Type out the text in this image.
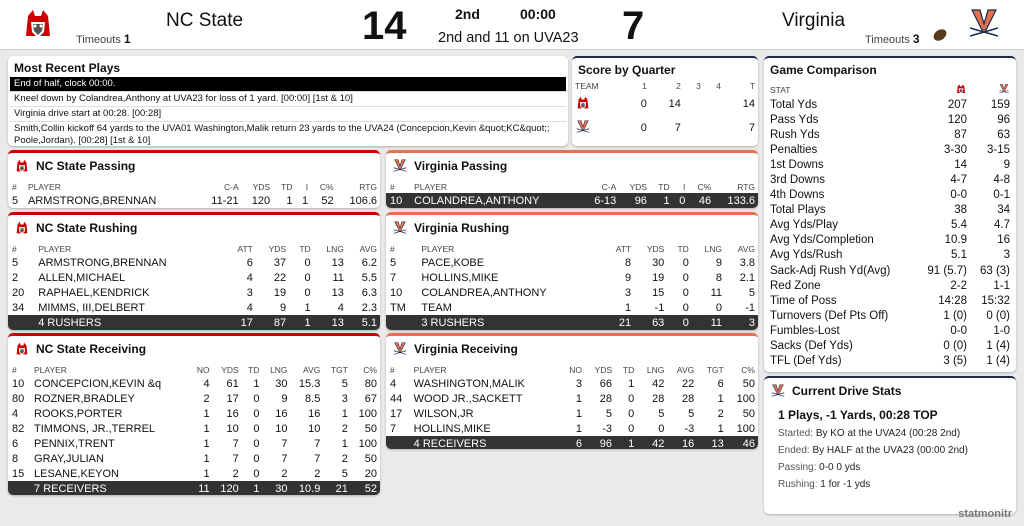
NC State
Timeouts 1	14	2nd	00:00
2nd and 11 on UVA23 7	Virginia
Timeouts 3
Most Recent Plays
End of half, clock 00:00.
Kneel down by Colandrea,Anthony at UVA23 for loss of 1 yard. [00:00] [1st & 10]
Virginia drive start at 00:28. [00:28]
Smith,Collin kickoff 64 yards to the UVA01 Washington,Malik return 23 yards to the UVA24 (Concepcion,Kevin &quot;KC&quot;; Poole,Jordan). [00:28] [1st & 10]
Score by Quarter
TEAM	1	2	3	4	T
	0	14			14
	0	7			7
Game Comparison
STAT		
Total Yds	207	159
Pass Yds	120	96
Rush Yds	87	63
Penalties	3-30	3-15
1st Downs	14	9
3rd Downs	4-7	4-8
4th Downs	0-0	0-1
Total Plays	38	34
Avg Yds/Play	5.4	4.7
Avg Yds/Completion	10.9	16
Avg Yds/Rush	5.1	3
Sack-Adj Rush Yd(Avg)	91 (5.7)	63 (3)
Red Zone	2-2	1-1
Time of Poss	14:28	15:32
Turnovers (Def Pts Off)	1 (0)	0 (0)
Fumbles-Lost	0-0	1-0
Sacks (Def Yds)	0 (0)	1 (4)
TFL (Def Yds)	3 (5)	1 (4)
Current Drive Stats
1 Plays, -1 Yards, 00:28 TOP
Started: By KO at the UVA24 (00:28 2nd)
Ended: By HALF at the UVA23 (00:00 2nd)
Passing: 0-0 0 yds
Rushing: 1 for -1 yds
NC State Passing
#	PLAYER	C-A	YDS	TD	I	C%	RTG
5	ARMSTRONG,BRENNAN	11-21	120	1	1	52	106.6
Virginia Passing
#	PLAYER	C-A	YDS	TD	I	C%	RTG
10	COLANDREA,ANTHONY	6-13	96	1	0	46	133.6
NC State Rushing
#	PLAYER	ATT	YDS	TD	LNG	AVG
5	ARMSTRONG,BRENNAN	6	37	0	13	6.2
2	ALLEN,MICHAEL	4	22	0	11	5.5
20	RAPHAEL,KENDRICK	3	19	0	13	6.3
34	MIMMS, III,DELBERT	4	9	1	4	2.3
	4 RUSHERS	17	87	1	13	5.1
Virginia Rushing
#	PLAYER	ATT	YDS	TD	LNG	AVG
5	PACE,KOBE	8	30	0	9	3.8
7	HOLLINS,MIKE	9	19	0	8	2.1
10	COLANDREA,ANTHONY	3	15	0	11	5
TM	TEAM	1	-1	0	0	-1
	3 RUSHERS	21	63	0	11	3
NC State Receiving
#	PLAYER	NO	YDS	TD	LNG	AVG	TGT	C%
10	CONCEPCION,KEVIN &q	4	61	1	30	15.3	5	80
80	ROZNER,BRADLEY	2	17	0	9	8.5	3	67
4	ROOKS,PORTER	1	16	0	16	16	1	100
82	TIMMONS, JR.,TERREL	1	10	0	10	10	2	50
6	PENNIX,TRENT	1	7	0	7	7	1	100
8	GRAY,JULIAN	1	7	0	7	7	2	50
15	LESANE,KEYON	1	2	0	2	2	5	20
	7 RECEIVERS	11	120	1	30	10.9	21	52
Virginia Receiving
#	PLAYER	NO	YDS	TD	LNG	AVG	TGT	C%
4	WASHINGTON,MALIK	3	66	1	42	22	6	50
44	WOOD JR.,SACKETT	1	28	0	28	28	1	100
17	WILSON,JR	1	5	0	5	5	2	50
7	HOLLINS,MIKE	1	-3	0	0	-3	1	100
	4 RECEIVERS	6	96	1	42	16	13	46
statmonitr
